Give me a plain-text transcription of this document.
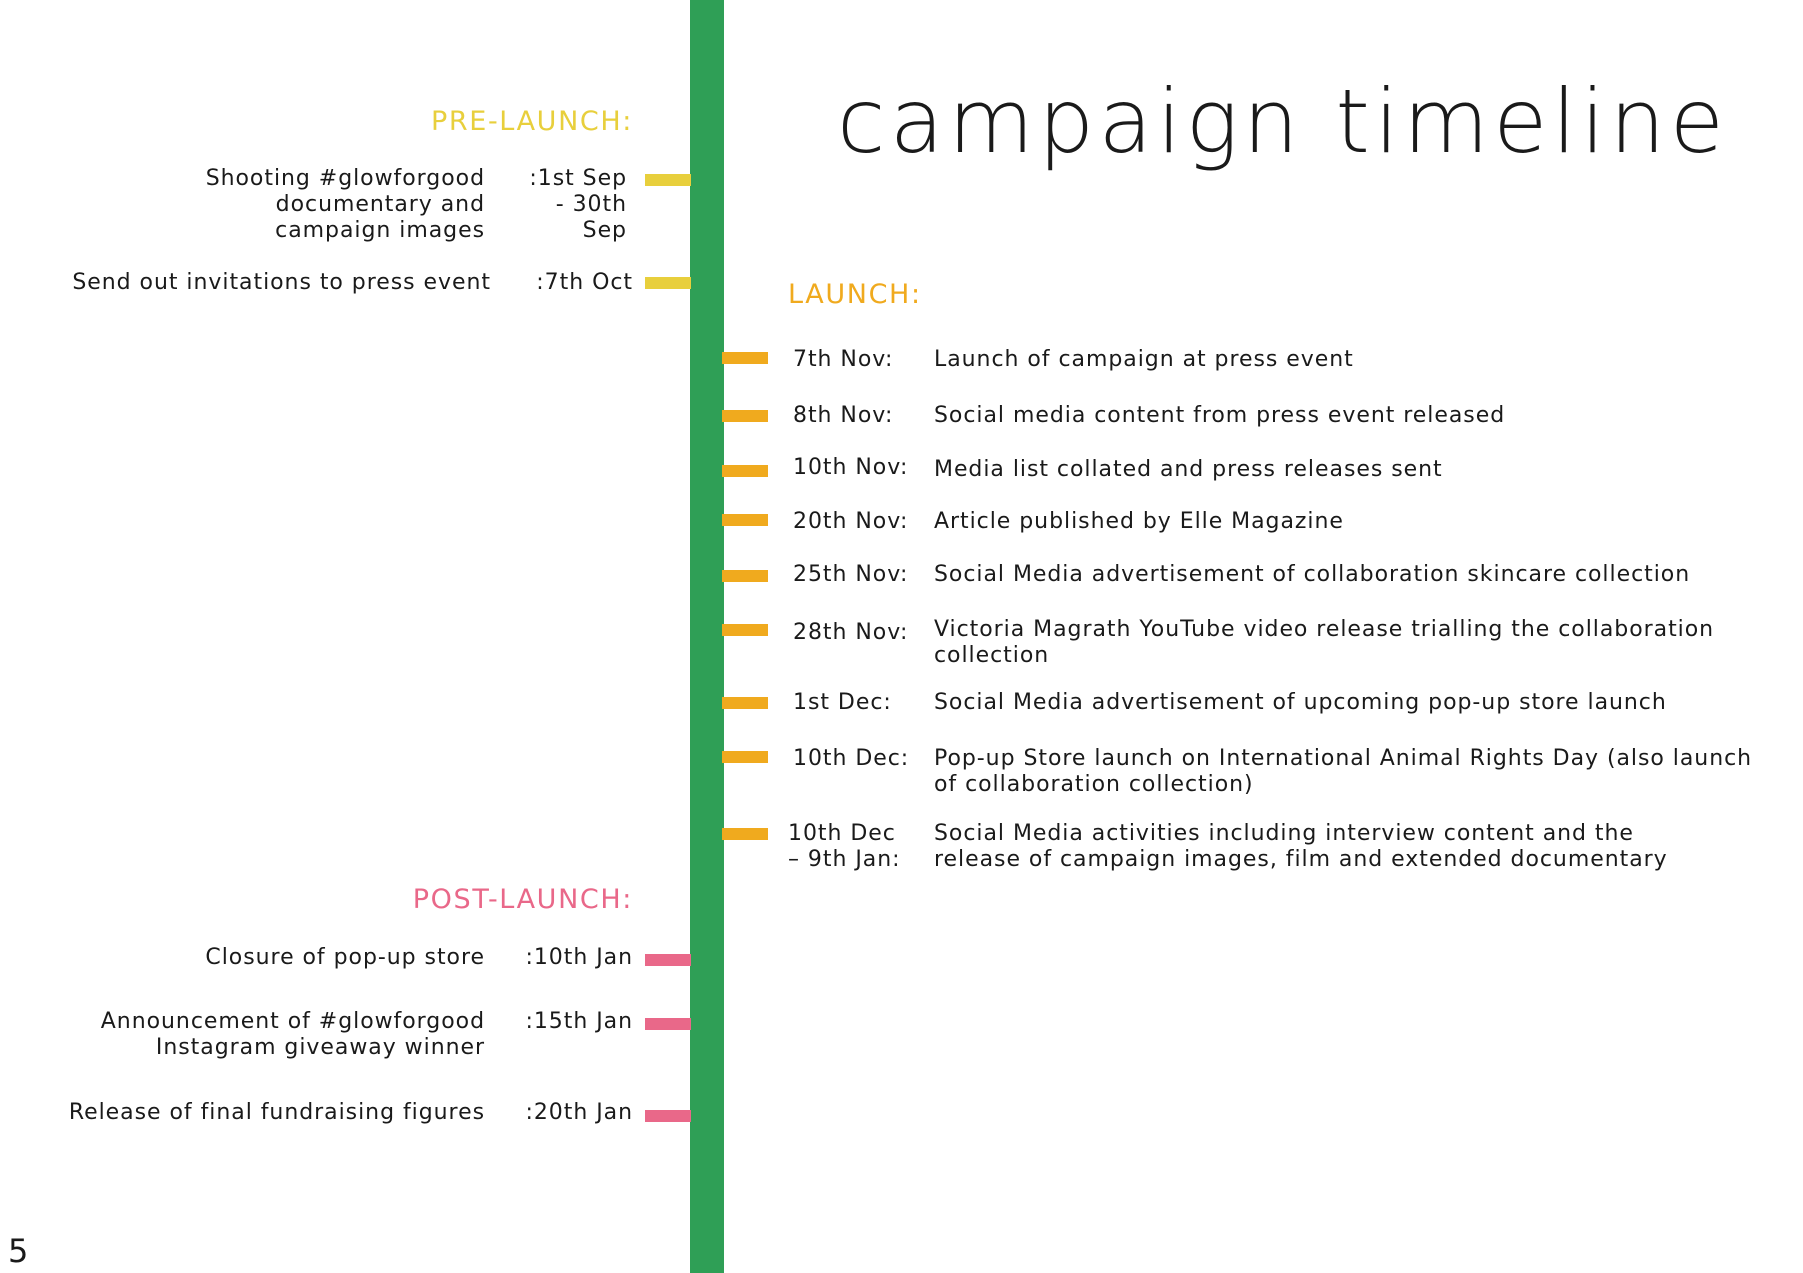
campaign timeline
PRE-LAUNCH:
Shooting #glowforgood
documentary and
campaign images
:1st Sep
- 30th
Sep
Send out invitations to press event :7th Oct	LAUNCH:
7th Nov: Launch of campaign at press event
8th Nov: Social media content from press event released
10th Nov: Media list collated and press releases sent
20th Nov: Article published by Elle Magazine
25th Nov: Social Media advertisement of collaboration skincare collection
28th Nov: Victoria Magrath YouTube video release trialling the collaboration
collection
1st Dec: Social Media advertisement of upcoming pop-up store launch
10th Dec: Pop-up Store launch on International Animal Rights Day (also launch
of collaboration collection)
10th Dec
– 9th Jan:
Social Media activities including interview content and the
release of campaign images, film and extended documentary
POST-LAUNCH:
Closure of pop-up store :10th Jan
Announcement of #glowforgood
Instagram giveaway winner
:15th Jan
Release of final fundraising figures :20th Jan
5
